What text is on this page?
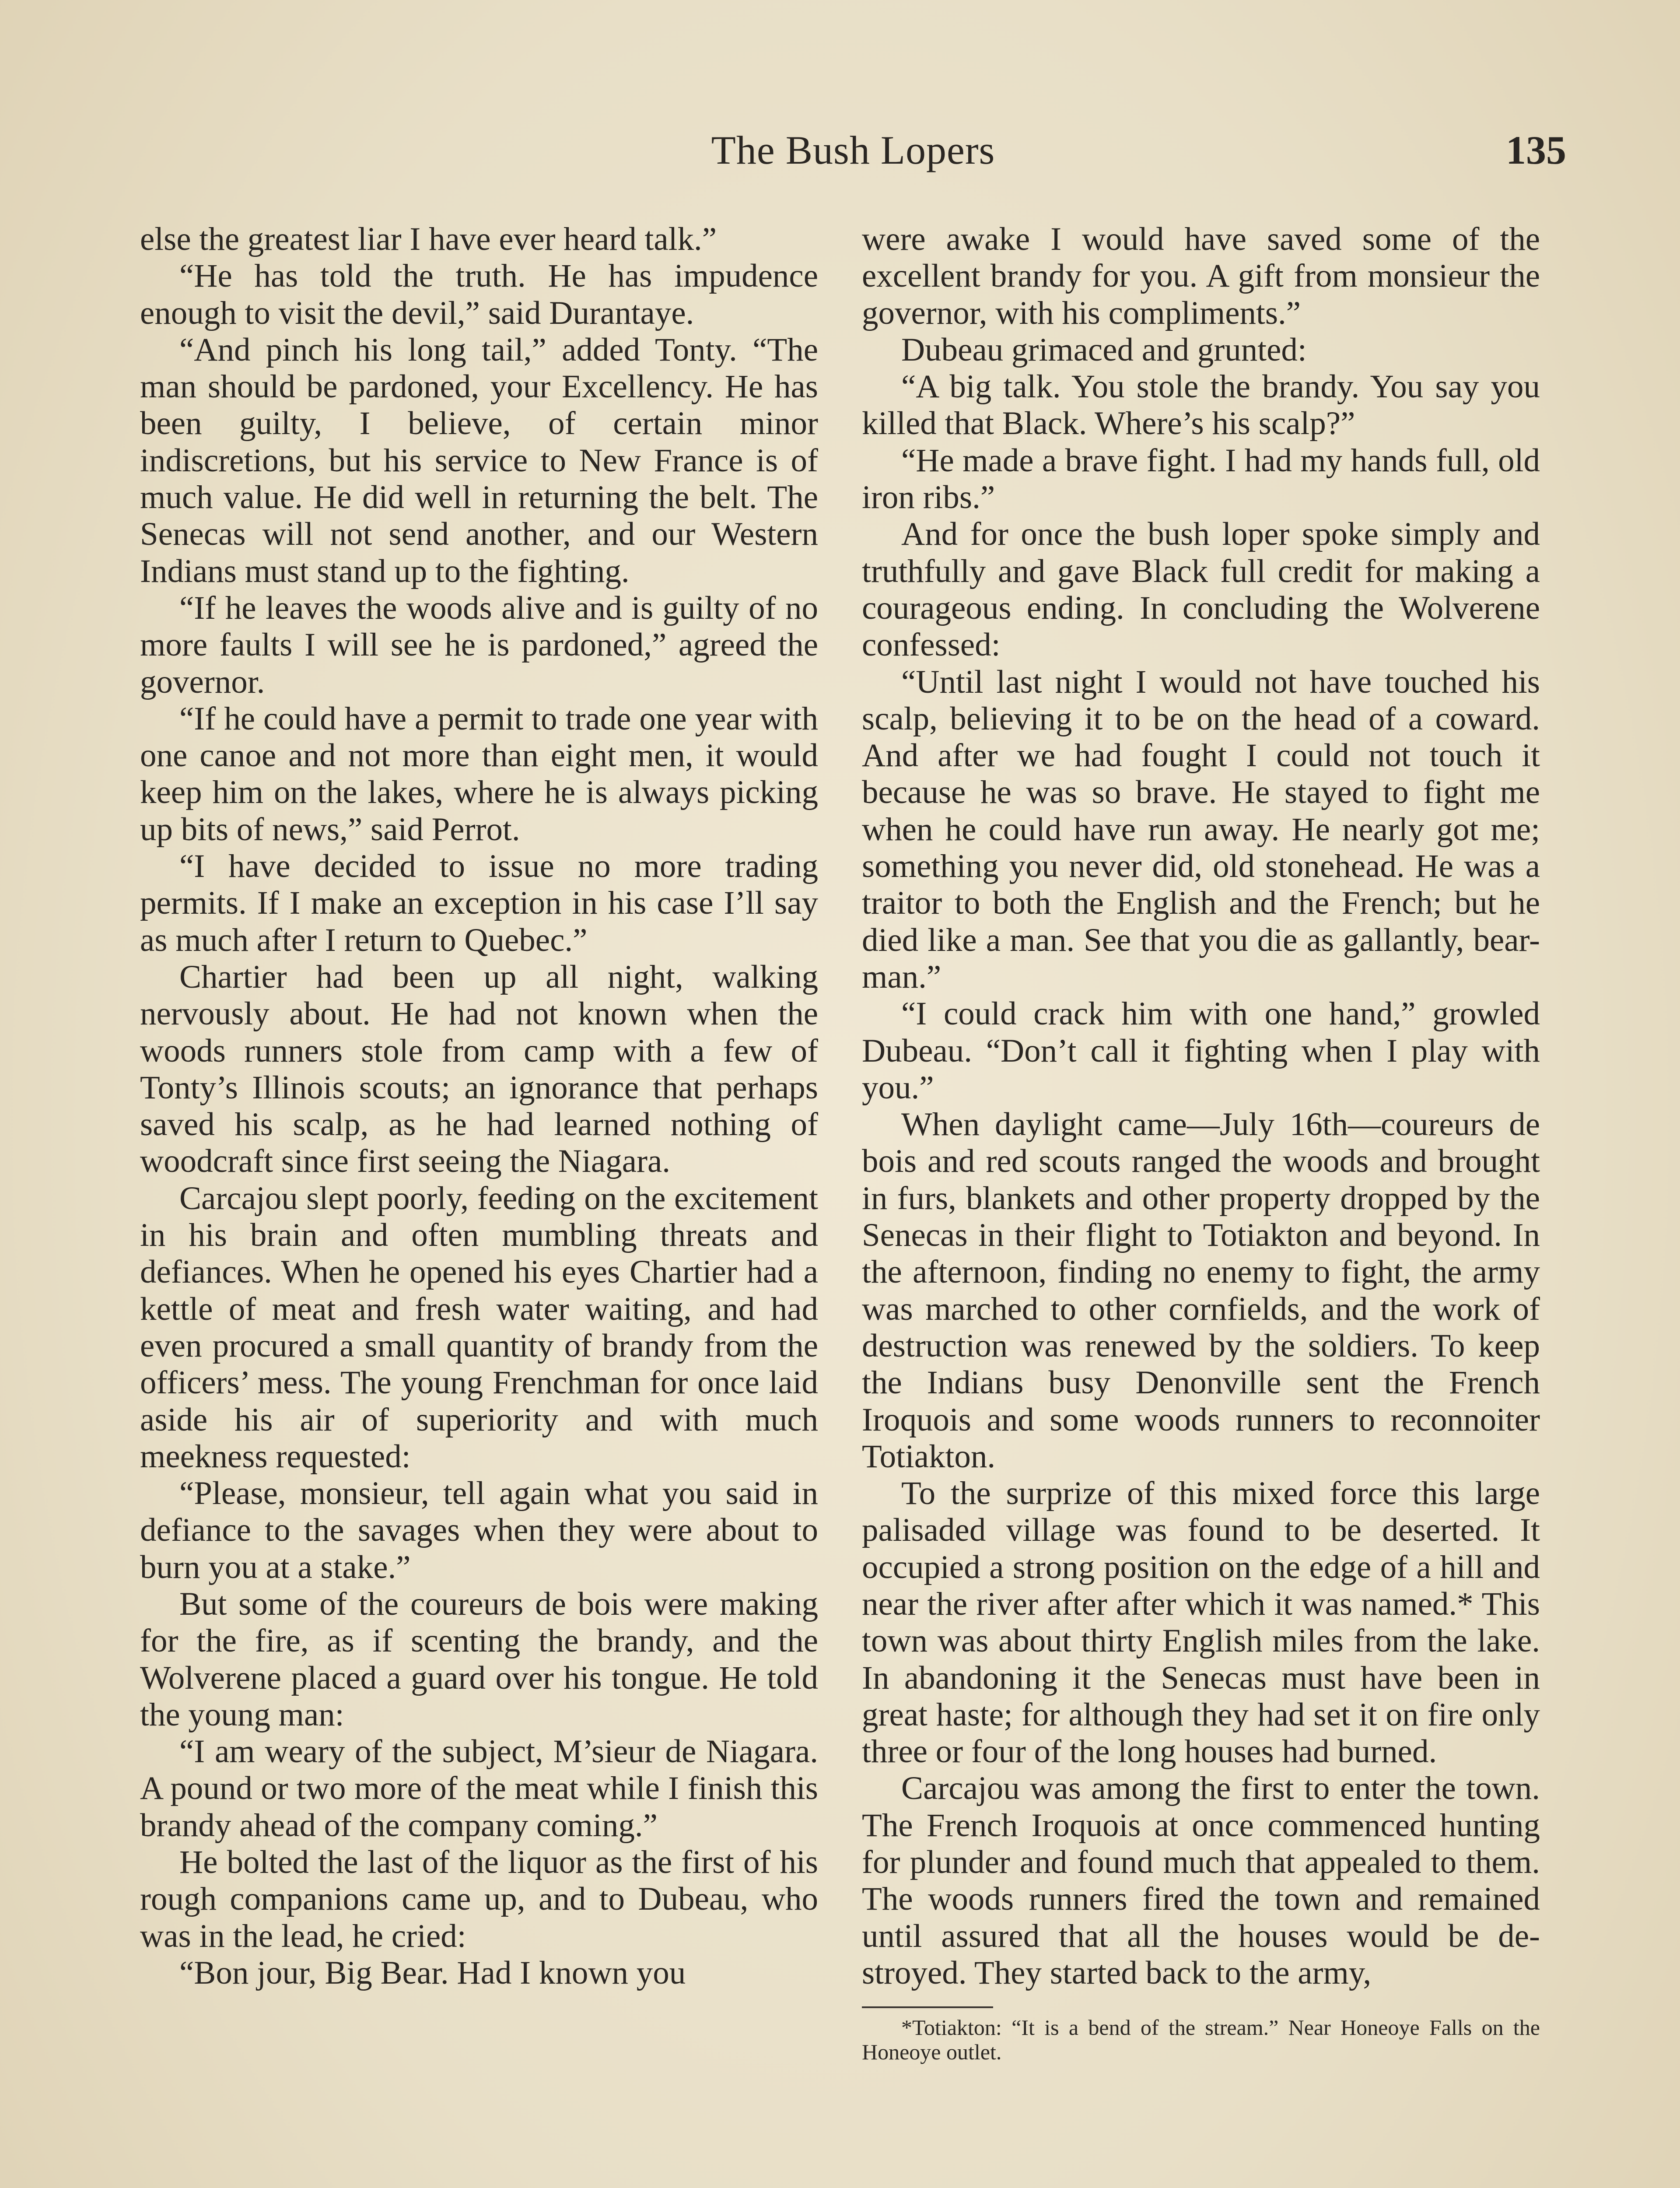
The Bush Lopers	135

else the greatest liar I have ever heard talk.”

“He has told the truth. He has impudence enough to visit the devil,” said Durantaye.

“And pinch his long tail,” added Tonty. “The man should be pardoned, your Excellency. He has been guilty, I believe, of certain minor indiscretions, but his service to New France is of much value. He did well in returning the belt. The Senecas will not send another, and our Western Indians must stand up to the fighting.

“If he leaves the woods alive and is guilty of no more faults I will see he is pardoned,” agreed the governor.

“If he could have a permit to trade one year with one canoe and not more than eight men, it would keep him on the lakes, where he is always picking up bits of news,” said Perrot.

“I have decided to issue no more trading permits. If I make an exception in his case I’ll say as much after I return to Quebec.”

Chartier had been up all night, walking nervously about. He had not known when the woods runners stole from camp with a few of Tonty’s Illinois scouts; an ignorance that perhaps saved his scalp, as he had learned nothing of woodcraft since first seeing the Niagara.

Carcajou slept poorly, feeding on the excitement in his brain and often mumbling threats and defiances. When he opened his eyes Chartier had a kettle of meat and fresh water waiting, and had even procured a small quantity of brandy from the officers’ mess. The young Frenchman for once laid aside his air of superiority and with much meekness requested:

“Please, monsieur, tell again what you said in defiance to the savages when they were about to burn you at a stake.”

But some of the coureurs de bois were making for the fire, as if scenting the brandy, and the Wolverene placed a guard over his tongue. He told the young man:

“I am weary of the subject, M’sieur de Niagara. A pound or two more of the meat while I finish this brandy ahead of the company coming.”

He bolted the last of the liquor as the first of his rough companions came up, and to Dubeau, who was in the lead, he cried:

“Bon jour, Big Bear. Had I known you

were awake I would have saved some of the excellent brandy for you. A gift from monsieur the governor, with his compliments.”

Dubeau grimaced and grunted:

“A big talk. You stole the brandy. You say you killed that Black. Where’s his scalp?”

“He made a brave fight. I had my hands full, old iron ribs.”

And for once the bush loper spoke simply and truthfully and gave Black full credit for making a courageous ending. In concluding the Wolverene confessed:

“Until last night I would not have touched his scalp, believing it to be on the head of a coward. And after we had fought I could not touch it because he was so brave. He stayed to fight me when he could have run away. He nearly got me; something you never did, old stonehead. He was a traitor to both the English and the French; but he died like a man. See that you die as gallantly, bear-man.”

“I could crack him with one hand,” growled Dubeau. “Don’t call it fighting when I play with you.”

When daylight came—July 16th—coureurs de bois and red scouts ranged the woods and brought in furs, blankets and other property dropped by the Senecas in their flight to Totiakton and beyond. In the afternoon, finding no enemy to fight, the army was marched to other cornfields, and the work of destruction was renewed by the soldiers. To keep the Indians busy Denonville sent the French Iroquois and some woods runners to reconnoiter Totiakton.

To the surprize of this mixed force this large palisaded village was found to be deserted. It occupied a strong position on the edge of a hill and near the river after after which it was named.* This town was about thirty English miles from the lake. In abandoning it the Senecas must have been in great haste; for although they had set it on fire only three or four of the long houses had burned.

Carcajou was among the first to enter the town. The French Iroquois at once commenced hunting for plunder and found much that appealed to them. The woods runners fired the town and remained until assured that all the houses would be destroyed. They started back to the army,

*Totiakton: “It is a bend of the stream.” Near Honeoye Falls on the Honeoye outlet.
